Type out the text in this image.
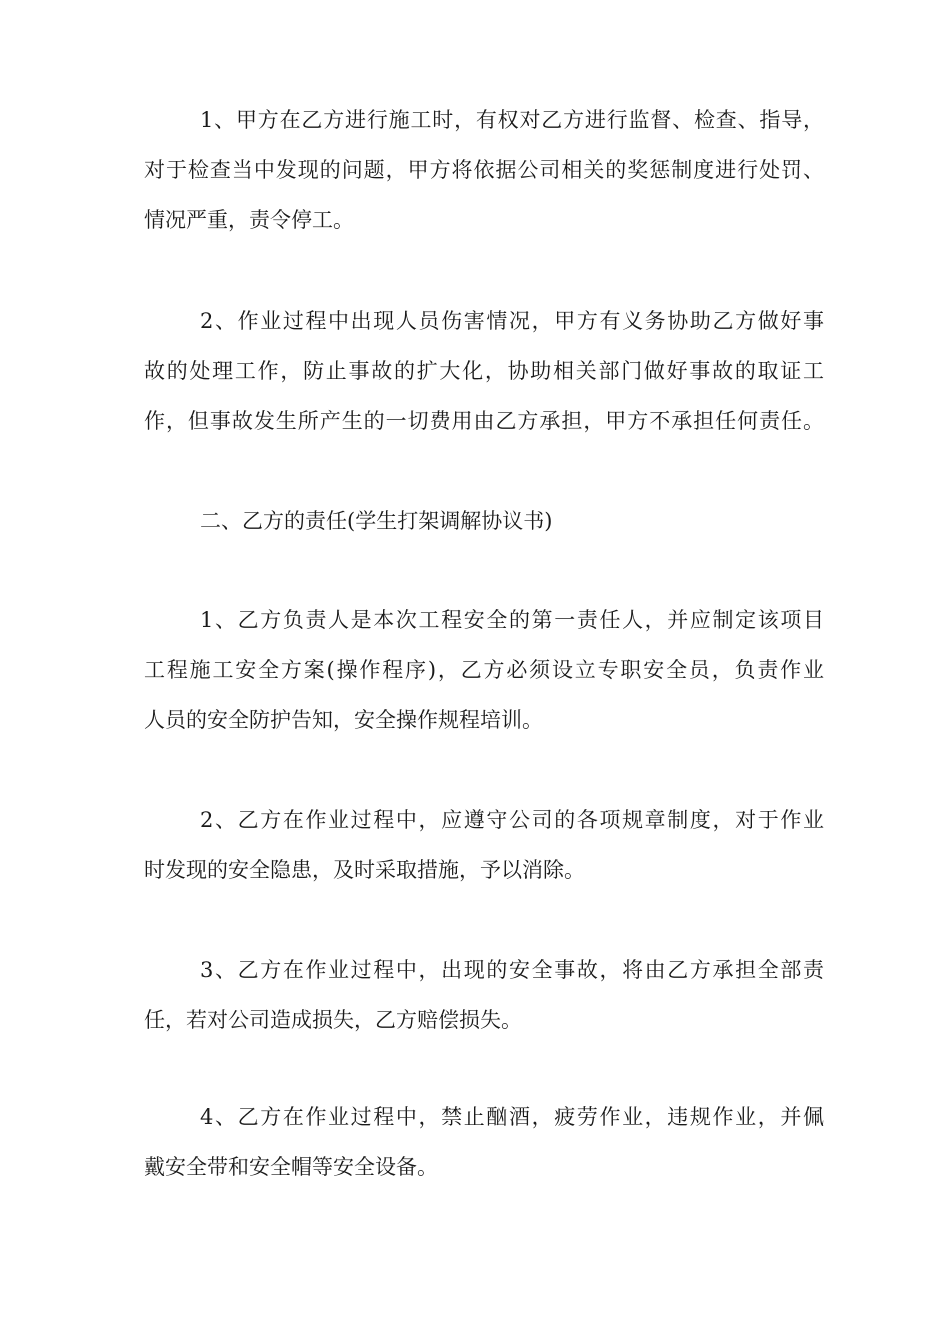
1、甲方在乙方进行施工时，有权对乙方进行监督、检查、指导，
对于检查当中发现的问题，甲方将依据公司相关的奖惩制度进行处罚、
情况严重，责令停工。
2、作业过程中出现人员伤害情况，甲方有义务协助乙方做好事
故的处理工作，防止事故的扩大化，协助相关部门做好事故的取证工
作，但事故发生所产生的一切费用由乙方承担，甲方不承担任何责任。
二、乙方的责任(学生打架调解协议书)
1、乙方负责人是本次工程安全的第一责任人，并应制定该项目
工程施工安全方案(操作程序)，乙方必须设立专职安全员，负责作业
人员的安全防护告知，安全操作规程培训。
2、乙方在作业过程中，应遵守公司的各项规章制度，对于作业
时发现的安全隐患，及时采取措施，予以消除。
3、乙方在作业过程中，出现的安全事故，将由乙方承担全部责
任，若对公司造成损失，乙方赔偿损失。
4、乙方在作业过程中，禁止酗酒，疲劳作业，违规作业，并佩
戴安全带和安全帽等安全设备。
